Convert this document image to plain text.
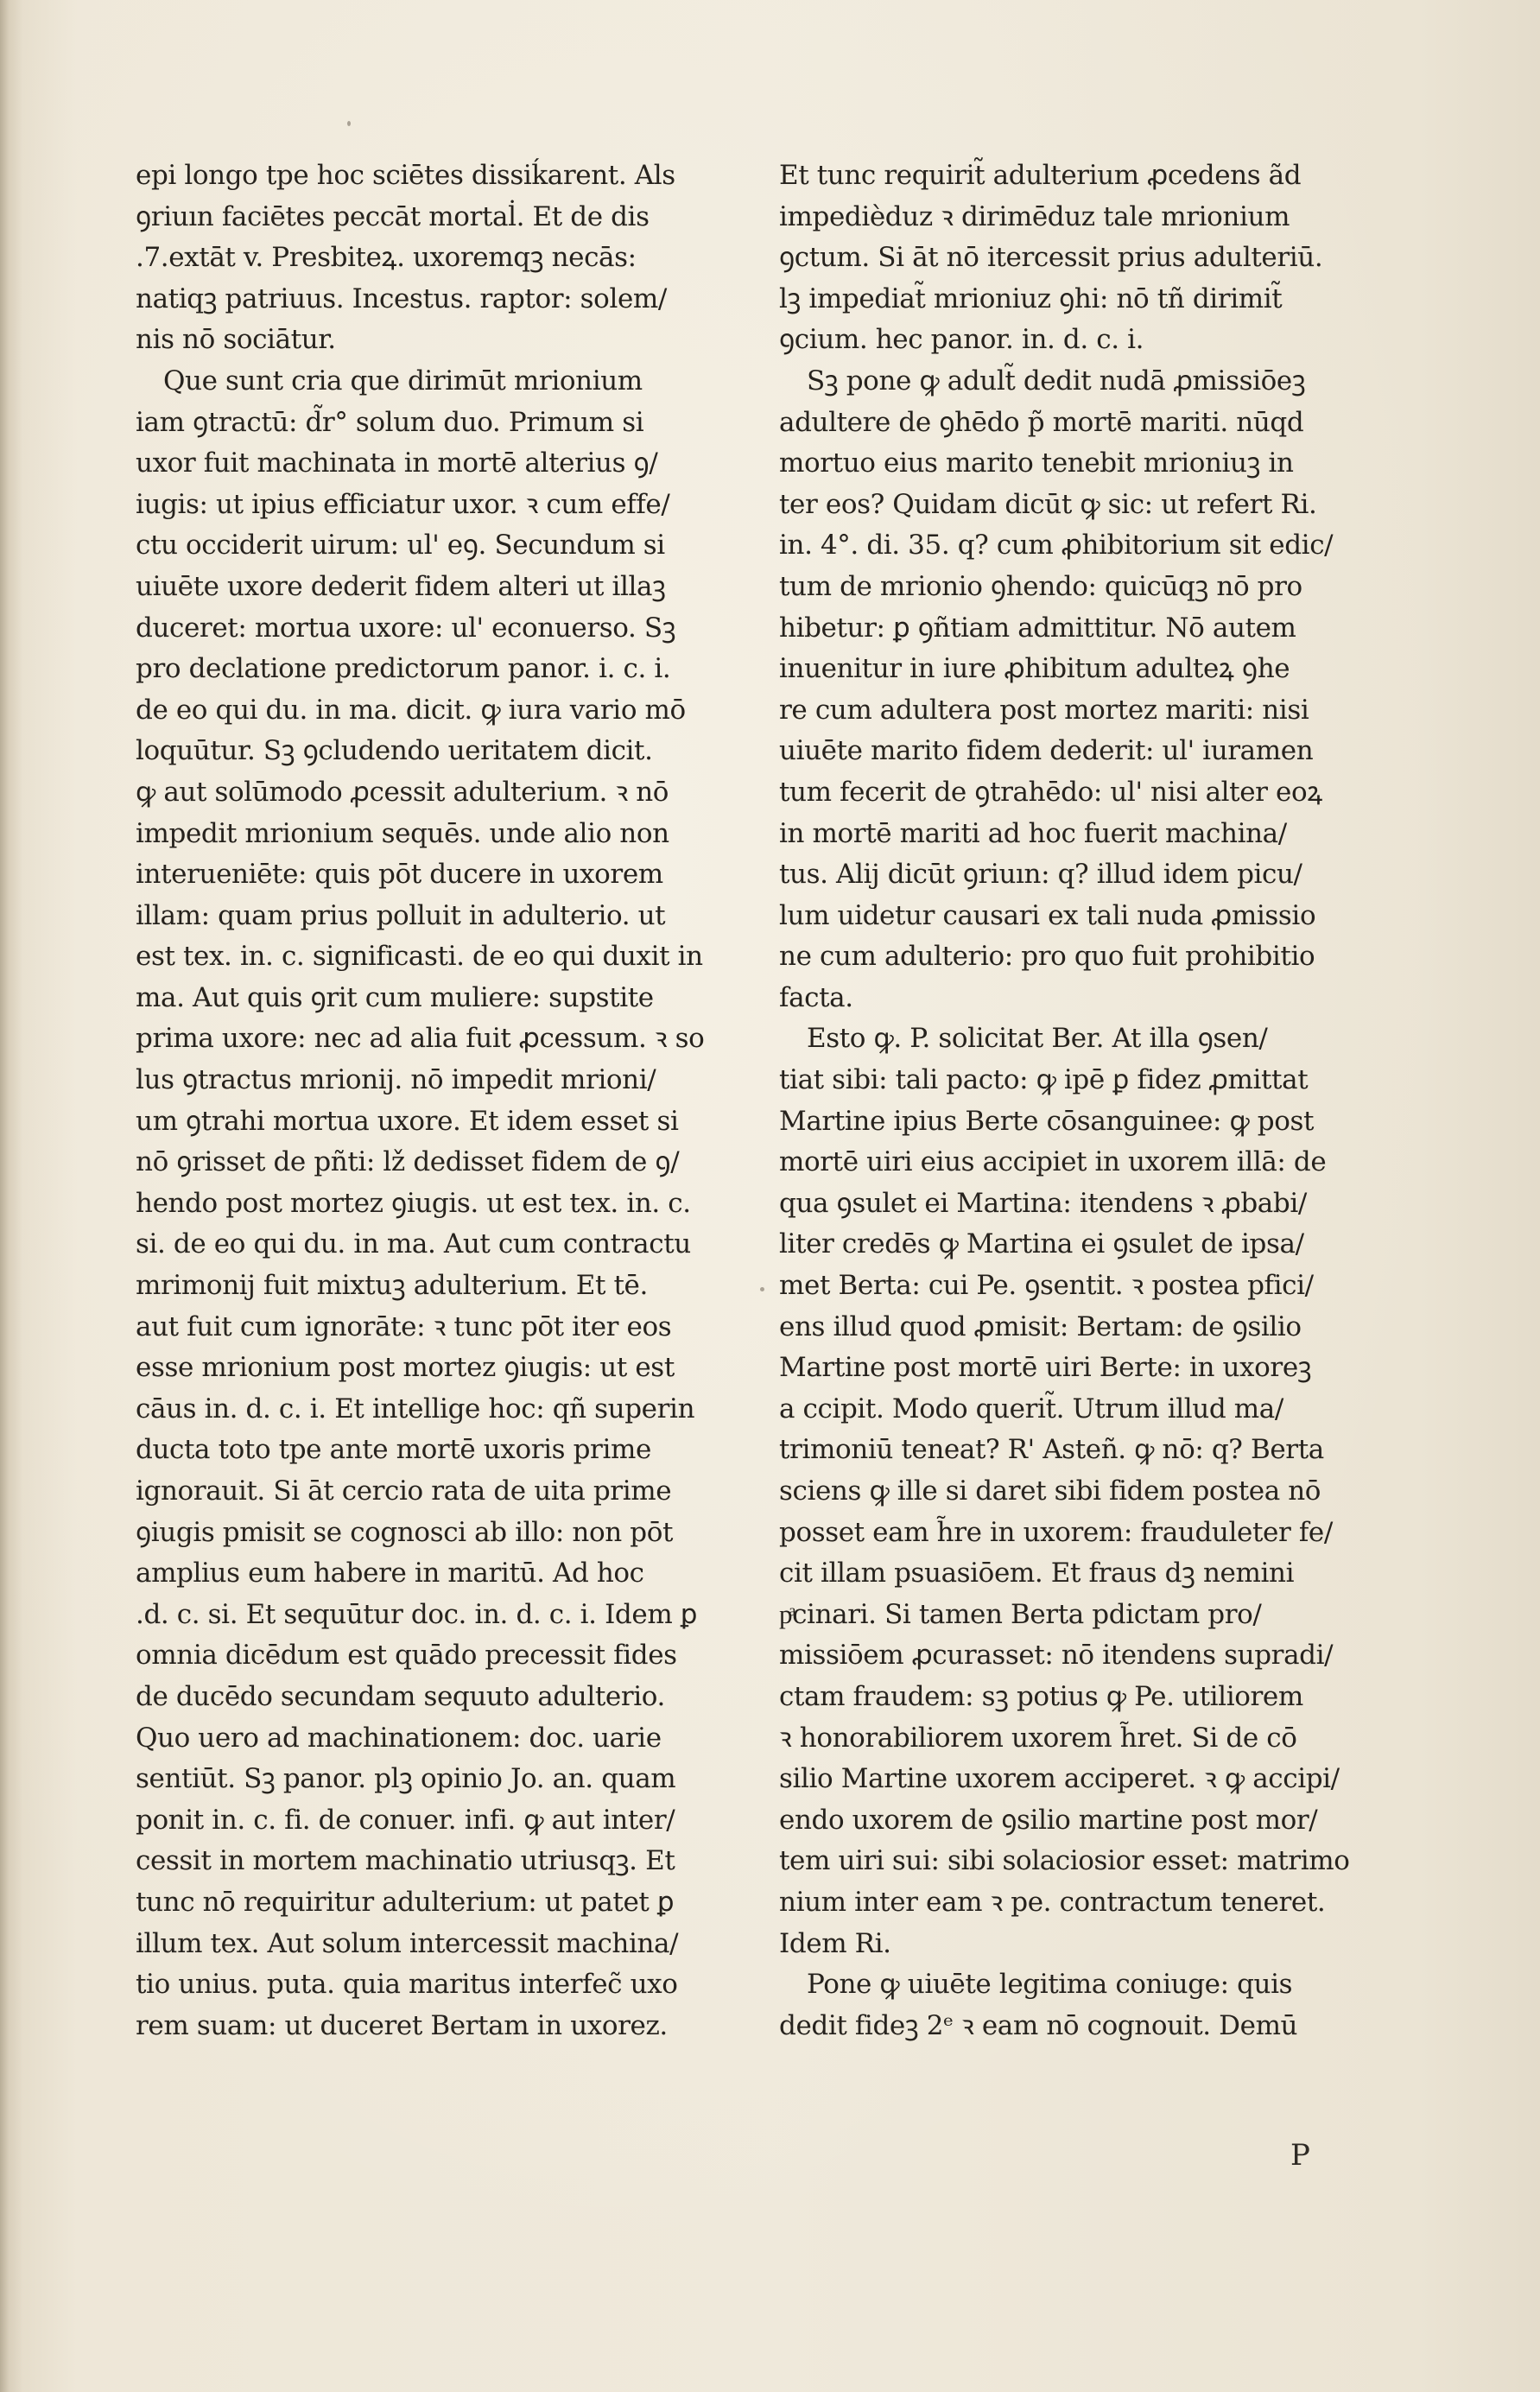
epi longo tpe hoc sciētes dissiḱarent. Als
ꝯriuın faciētes peccāt mortal̇. Et de dis
.7.extāt v. Presbiteꝝ. uxoremqꝫ necās:
natiqꝫ patriuus. Incestus. raptor: solem/
nis nō sociātur.
Que sunt cria que dirimūt mrionium
iam ꝯtractū: d̃r° solum duo. Primum si
uxor fuit machinata in mortē alterius ꝯ/
iugis: ut ipius efficiatur uxor. ꝛ cum effe/
ctu occiderit uirum: ul' eꝯ. Secundum si
uiuēte uxore dederit fidem alteri ut illaꝫ
duceret: mortua uxore: ul' econuerso. Sꝫ
pro declatione predictorum panor. i. c. i.
de eo qui du. in ma. dicit. ꝙ iura vario mō
loquūtur. Sꝫ ꝯcludendo ueritatem dicit.
ꝙ aut solūmodo ꝓcessit adulterium. ꝛ nō
impedit mrionium sequēs. unde alio non
interueniēte: quis pōt ducere in uxorem
illam: quam prius polluit in adulterio. ut
est tex. in. c. significasti. de eo qui duxit in
ma. Aut quis ꝯrit cum muliere: supstite
prima uxore: nec ad alia fuit ꝓcessum. ꝛ so
lus ꝯtractus mrionij. nō impedit mrioni/
um ꝯtrahi mortua uxore. Et idem esset si
nō ꝯrisset de pñti: lž dedisset fidem de ꝯ/
hendo post mortez ꝯiugis. ut est tex. in. c.
si. de eo qui du. in ma. Aut cum contractu
mrimonij fuit mixtuꝫ adulterium. Et tē.
aut fuit cum ignorāte: ꝛ tunc pōt iter eos
esse mrionium post mortez ꝯiugis: ut est
cāus in. d. c. i. Et intellige hoc: qñ superin
ducta toto tpe ante mortē uxoris prime
ignorauit. Si āt cercio rata de uita prime
ꝯiugis pmisit se cognosci ab illo: non pōt
amplius eum habere in maritū. Ad hoc
.d. c. si. Et sequūtur doc. in. d. c. i. Idem ꝑ
omnia dicēdum est quādo precessit fides
de ducēdo secundam sequuto adulterio.
Quo uero ad machinationem: doc. uarie
sentiūt. Sꝫ panor. plꝫ opinio Jo. an. quam
ponit in. c. fi. de conuer. infi. ꝙ aut inter/
cessit in mortem machinatio utriusqꝫ. Et
tunc nō requiritur adulterium: ut patet ꝑ
illum tex. Aut solum intercessit machina/
tio unius. puta. quia maritus interfec̃ uxo
rem suam: ut duceret Bertam in uxorez.
Et tunc requirit̃ adulterium ꝓcedens ãd
impedièduz ꝛ dirimēduz tale mrionium
ꝯctum. Si āt nō itercessit prius adulteriū.
lꝫ impediat̃ mrioniuz ꝯhi: nō tñ dirimit̃
ꝯcium. hec panor. in. d. c. i.
Sꝫ pone ꝙ adult̃ dedit nudā ꝓmissiōeꝫ
adultere de ꝯhēdo p̃ mortē mariti. nūqd
mortuo eius marito tenebit mrioniuꝫ in
ter eos? Quidam dicūt ꝙ sic: ut refert Ri.
in. 4°. di. 35. q? cum ꝓhibitorium sit edic/
tum de mrionio ꝯhendo: quicūqꝫ nō pro
hibetur: ꝑ ꝯñtiam admittitur. Nō autem
inuenitur in iure ꝓhibitum adulteꝝ ꝯhe
re cum adultera post mortez mariti: nisi
uiuēte marito fidem dederit: ul' iuramen
tum fecerit de ꝯtrahēdo: ul' nisi alter eoꝝ
in mortē mariti ad hoc fuerit machina/
tus. Alij dicūt ꝯriuın: q? illud idem picu/
lum uidetur causari ex tali nuda ꝓmissio
ne cum adulterio: pro quo fuit prohibitio
facta.
Esto ꝙ. P. solicitat Ber. At illa ꝯsen/
tiat sibi: tali pacto: ꝙ ipē ꝑ fidez ꝓmittat
Martine ipius Berte cōsanguinee: ꝙ post
mortē uiri eius accipiet in uxorem illā: de
qua ꝯsulet ei Martina: itendens ꝛ ꝓbabi/
liter credēs ꝙ Martina ei ꝯsulet de ipsa/
met Berta: cui Pe. ꝯsentit. ꝛ postea pfici/
ens illud quod ꝓmisit: Bertam: de ꝯsilio
Martine post mortē uiri Berte: in uxoreꝫ
a ccipit. Modo querit̃. Utrum illud ma/
trimoniū teneat? R' Asteñ. ꝙ nō: q? Berta
sciens ꝙ ille si daret sibi fidem postea nō
posset eam h̃re in uxorem: frauduleter fe/
cit illam psuasiōem. Et fraus dꝫ nemini
pͣcinari. Si tamen Berta pdictam pro/
missiōem ꝓcurasset: nō itendens supradi/
ctam fraudem: sꝫ potius ꝙ Pe. utiliorem
ꝛ honorabiliorem uxorem h̃ret. Si de cō
silio Martine uxorem acciperet. ꝛ ꝙ accipi/
endo uxorem de ꝯsilio martine post mor/
tem uiri sui: sibi solaciosior esset: matrimo
nium inter eam ꝛ pe. contractum teneret.
Idem Ri.
Pone ꝙ uiuēte legitima coniuge: quis
dedit fideꝫ 2ᵉ ꝛ eam nō cognouit. Demū
P
